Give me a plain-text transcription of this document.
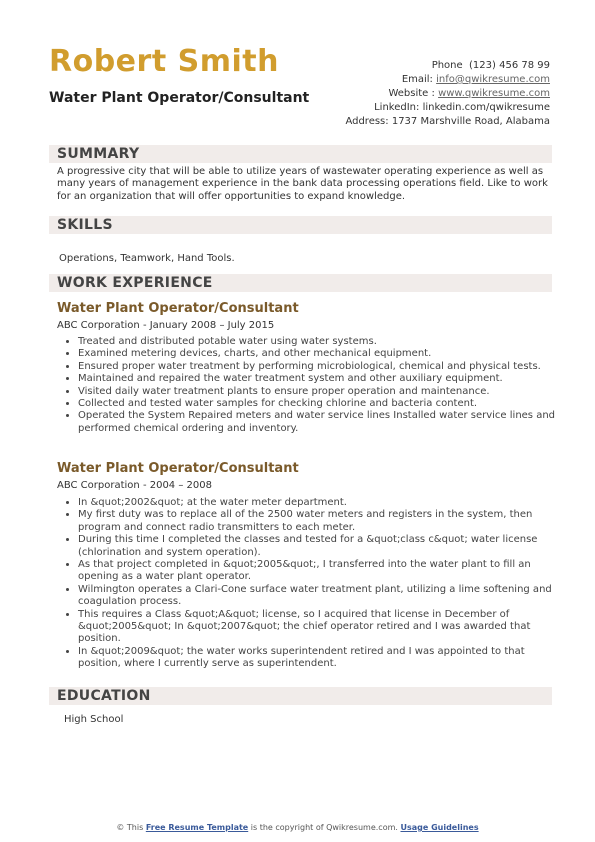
Robert Smith
Water Plant Operator/Consultant
Phone (123) 456 78 99
Email: info@qwikresume.com
Website : www.qwikresume.com
LinkedIn: linkedin.com/qwikresume
Address: 1737 Marshville Road, Alabama
SUMMARY
A progressive city that will be able to utilize years of wastewater operating experience as well as many years of management experience in the bank data processing operations field. Like to work for an organization that will offer opportunities to expand knowledge.
SKILLS
Operations, Teamwork, Hand Tools.
WORK EXPERIENCE
Water Plant Operator/Consultant
ABC Corporation - January 2008 – July 2015
• Treated and distributed potable water using water systems.
• Examined metering devices, charts, and other mechanical equipment.
• Ensured proper water treatment by performing microbiological, chemical and physical tests.
• Maintained and repaired the water treatment system and other auxiliary equipment.
• Visited daily water treatment plants to ensure proper operation and maintenance.
• Collected and tested water samples for checking chlorine and bacteria content.
• Operated the System Repaired meters and water service lines Installed water service lines and performed chemical ordering and inventory.
Water Plant Operator/Consultant
ABC Corporation - 2004 – 2008
• In &quot;2002&quot; at the water meter department.
• My first duty was to replace all of the 2500 water meters and registers in the system, then program and connect radio transmitters to each meter.
• During this time I completed the classes and tested for a &quot;class c&quot; water license (chlorination and system operation).
• As that project completed in &quot;2005&quot;, I transferred into the water plant to fill an opening as a water plant operator.
• Wilmington operates a Clari-Cone surface water treatment plant, utilizing a lime softening and coagulation process.
• This requires a Class &quot;A&quot; license, so I acquired that license in December of &quot;2005&quot; In &quot;2007&quot; the chief operator retired and I was awarded that position.
• In &quot;2009&quot; the water works superintendent retired and I was appointed to that position, where I currently serve as superintendent.
EDUCATION
High School
© This Free Resume Template is the copyright of Qwikresume.com. Usage Guidelines
